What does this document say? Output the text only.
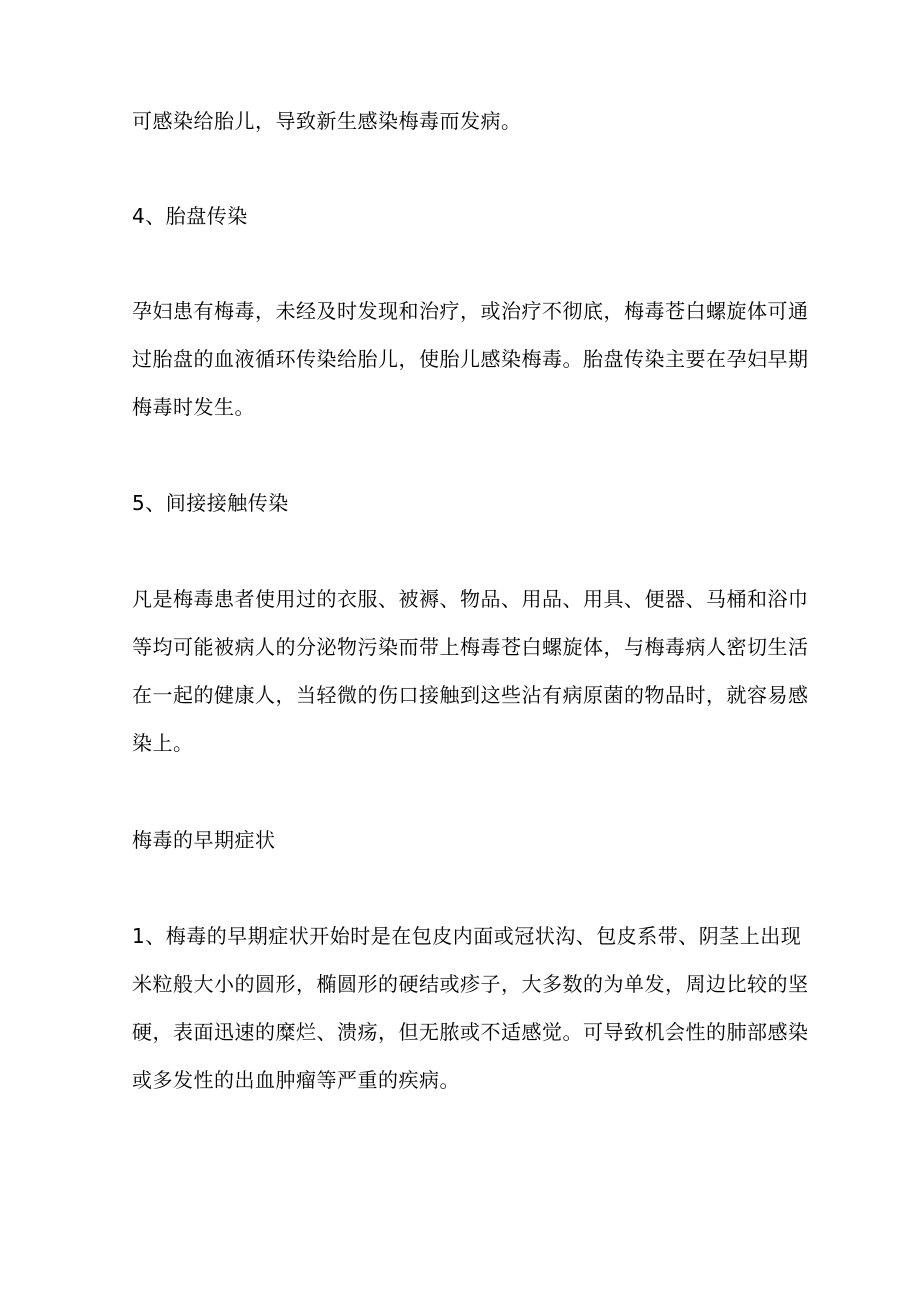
可感染给胎儿，导致新生感染梅毒而发病。
4、胎盘传染
孕妇患有梅毒，未经及时发现和治疗，或治疗不彻底，梅毒苍白螺旋体可通
过胎盘的血液循环传染给胎儿，使胎儿感染梅毒。胎盘传染主要在孕妇早期
梅毒时发生。
5、间接接触传染
凡是梅毒患者使用过的衣服、被褥、物品、用品、用具、便器、马桶和浴巾
等均可能被病人的分泌物污染而带上梅毒苍白螺旋体，与梅毒病人密切生活
在一起的健康人，当轻微的伤口接触到这些沾有病原菌的物品时，就容易感
染上。
梅毒的早期症状
1、梅毒的早期症状开始时是在包皮内面或冠状沟、包皮系带、阴茎上出现
米粒般大小的圆形，椭圆形的硬结或疹子，大多数的为单发，周边比较的坚
硬，表面迅速的糜烂、溃疡，但无脓或不适感觉。可导致机会性的肺部感染
或多发性的出血肿瘤等严重的疾病。
